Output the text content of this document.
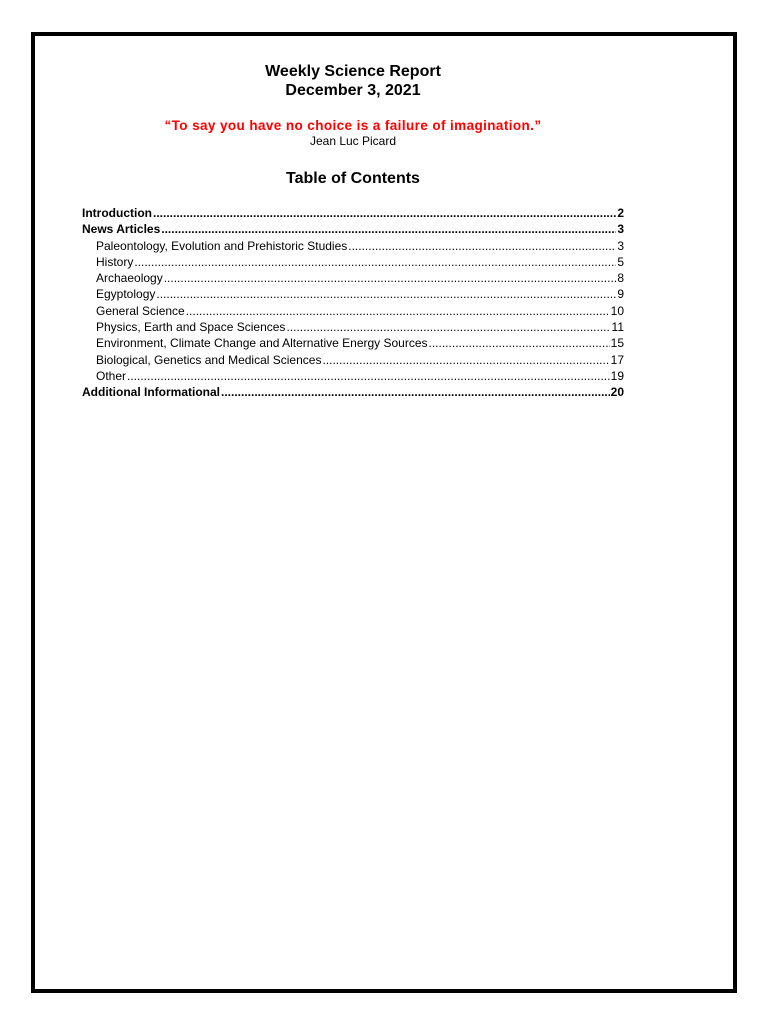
Weekly Science Report

December 3, 2021

“To say you have no choice is a failure of imagination.”
Jean Luc Picard
Table of Contents
Introduction .....	2
News Articles .....	3
Paleontology, Evolution and Prehistoric Studies .....	3
History .....	5
Archaeology .....	8
Egyptology .....	9
General Science .....	10
Physics, Earth and Space Sciences .....	11
Environment, Climate Change and Alternative Energy Sources .....	15
Biological, Genetics and Medical Sciences .....	17
Other .....	19
Additional Informational .....	20
